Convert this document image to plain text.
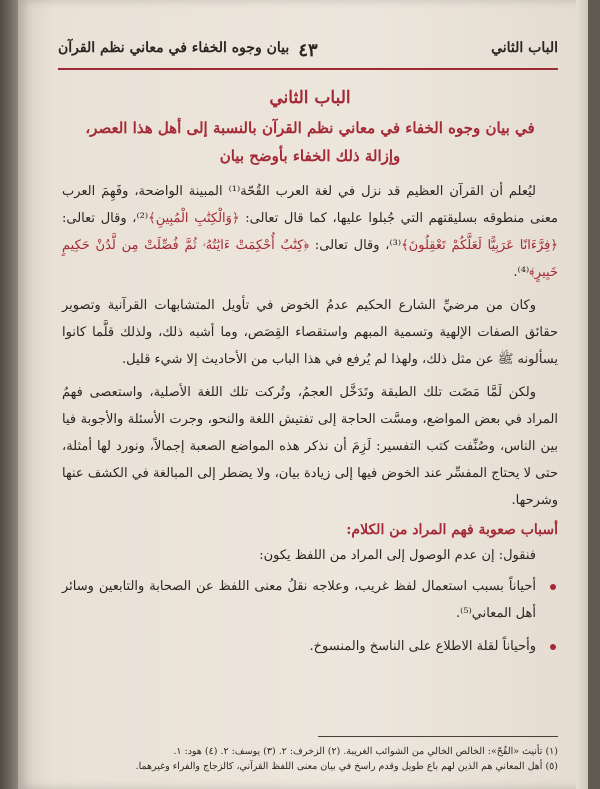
الباب الثاني
٤٣
بيان وجوه الخفاء في معاني نظم القرآن
الباب الثاني
في بيان وجوه الخفاء في معاني نظم القرآن بالنسبة إلى أهل هذا العصر،
وإزالة ذلك الخفاء بأوضح بيان

ليُعلم أن القرآن العظيم قد نزل في لغة العرب القُحّة⁽¹⁾ المبينة الواضحة، وفَهِمَ العرب معنى منطوقه بسليقتهم التي جُبلوا عليها، كما قال تعالى: ﴿وَالْكِتَٰبِ الْمُبِينِ﴾⁽²⁾، وقال تعالى: ﴿فِرَّءَانًا عَرَبِيًّا لَعَلَّكُمْ تَعْقِلُونَ﴾⁽³⁾، وقال تعالى: ﴿كِتَٰبٌ أُحْكِمَتْ ءَايَٰتُهُۥ ثُمَّ فُصِّلَتْ مِن لَّدُنْ حَكِيمٍ خَبِيرٍ﴾⁽⁴⁾.

وكان من مرضيِّ الشارع الحكيم عدمُ الخوض في تأويل المتشابهات القرآنية وتصوير حقائق الصفات الإلهية وتسمية المبهم واستقصاء القِصَص، وما أشبه ذلك، ولذلك قلَّما كانوا يسألونه ﷺ عن مثل ذلك، ولهذا لم يُرفع في هذا الباب من الأحاديث إلا شيء قليل.

ولكن لَمَّا مَضَت تلك الطبقة وتَدَخَّل العجمُ، وتُركت تلك اللغة الأصلية، واستعصى فهمُ المراد في بعض المواضع، ومسَّت الحاجة إلى تفتيش اللغة والنحو، وجرت الأسئلة والأجوبة فيا بين الناس، وصُنِّفت كتب التفسير: لَزِمَ أن نذكر هذه المواضع الصعبة إجمالاً، ونورد لها أمثلة، حتى لا يحتاج المفسِّر عند الخوض فيها إلى زيادة بيان، ولا يضطر إلى المبالغة في الكشف عنها وشرحها.

أسباب صعوبة فهم المراد من الكلام:

فنقول: إن عدم الوصول إلى المراد من اللفظ يكون:

أحياناً بسبب استعمال لفظ غريب، وعلاجه نقلُ معنى اللفظ عن الصحابة والتابعين وسائر أهل المعاني⁽⁵⁾.
وأحياناً لقلة الاطلاع على الناسخ والمنسوخ.

(١) تأنيث «القُحّ»: الخالص الخالي من الشوائب الغريبة. (٢) الزخرف: ٢. (٣) يوسف: ٢. (٤) هود: ١.

(٥) أهل المعاني هم الذين لهم باع طويل وقدم راسخ في بيان معنى اللفظ القرآني، كالزجاج والفراء وغيرهما.
